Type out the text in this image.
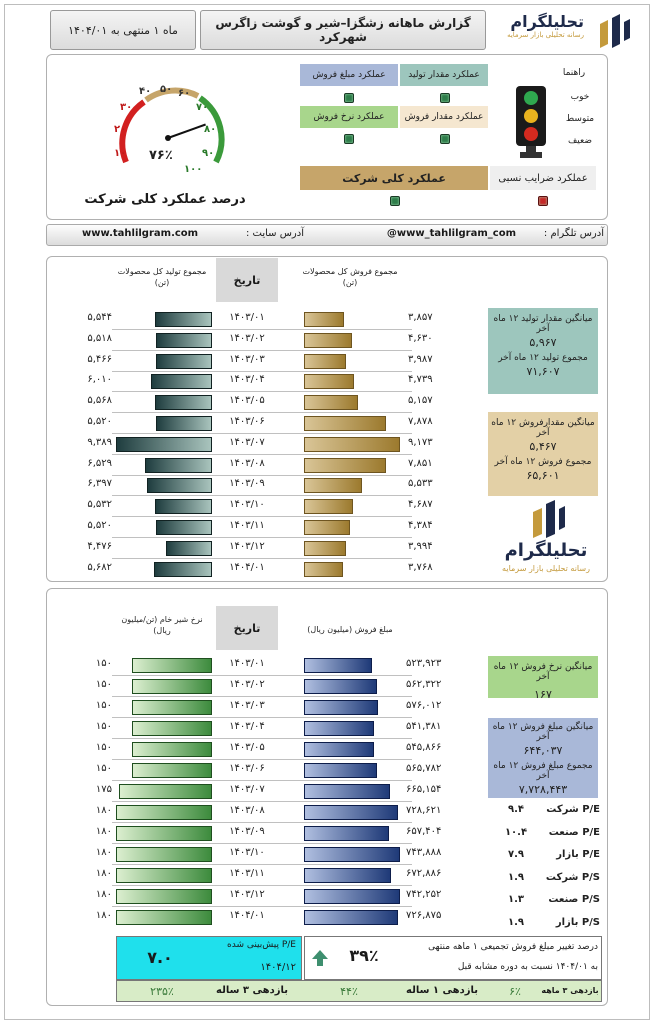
تحلیلگرام
رسانه تحلیلی بازار سرمایه
گزارش ماهانه زشگزا–شیر و گوشت زاگرس شهرکرد
ماه ۱ منتهی به ۱۴۰۴/۰۱
۷۶٪
۱۰
۲۰
۳۰
۴۰ ۵۰ ۶۰
۷۰
۸۰
۹۰
۱۰۰
درصد عملکرد کلی شرکت
عملکرد مقدار تولید
عملکرد مبلغ فروش
عملکرد مقدار فروش
عملکرد نرخ فروش
عملکرد کلی شرکت	عملکرد ضرایب نسبی
راهنما
خوب
متوسط
ضعیف
آدرس تلگرام :
@www_tahlilgram_com
آدرس سایت :
www.tahlilgram.com
مجموع فروش کل محصولات
(تن)
تاریخ
مجموع تولید کل محصولات
(تن)
۳,۸۵۷
۱۴۰۳/۰۱
۵,۵۴۴
۴,۶۳۰
۱۴۰۳/۰۲
۵,۵۱۸
۳,۹۸۷
۱۴۰۳/۰۳
۵,۴۶۶
۴,۷۳۹
۱۴۰۳/۰۴
۶,۰۱۰
۵,۱۵۷
۱۴۰۳/۰۵
۵,۵۶۸
۷,۸۷۸
۱۴۰۳/۰۶
۵,۵۲۰
۹,۱۷۳
۱۴۰۳/۰۷
۹,۳۸۹
۷,۸۵۱
۱۴۰۳/۰۸
۶,۵۲۹
۵,۵۳۳
۱۴۰۳/۰۹
۶,۳۹۷
۴,۶۸۷
۱۴۰۳/۱۰
۵,۵۳۲
۴,۳۸۴
۱۴۰۳/۱۱
۵,۵۲۰
۳,۹۹۴
۱۴۰۳/۱۲
۴,۴۷۶
۳,۷۶۸
۱۴۰۴/۰۱
۵,۶۸۲
میانگین مقدار تولید ۱۲ ماه آخر
۵,۹۶۷
مجموع تولید ۱۲ ماه آخر
۷۱,۶۰۷
میانگین مقدارفروش ۱۲ ماه آخر
۵,۴۶۷
مجموع فروش ۱۲ ماه آخر
۶۵,۶۰۱
تحلیلگرام
رسانه تحلیلی بازار سرمایه
مبلغ فروش (میلیون ریال)
تاریخ
نرخ شیر خام (تن/میلیون ریال)
۵۲۳,۹۲۳
۱۴۰۳/۰۱
۱۵۰
۵۶۲,۳۲۲
۱۴۰۳/۰۲
۱۵۰
۵۷۶,۰۱۲
۱۴۰۳/۰۳
۱۵۰
۵۴۱,۳۸۱
۱۴۰۳/۰۴
۱۵۰
۵۴۵,۸۶۶
۱۴۰۳/۰۵
۱۵۰
۵۶۵,۷۸۲
۱۴۰۳/۰۶
۱۵۰
۶۶۵,۱۵۴
۱۴۰۳/۰۷
۱۷۵
۷۲۸,۶۲۱
۱۴۰۳/۰۸
۱۸۰
۶۵۷,۴۰۴
۱۴۰۳/۰۹
۱۸۰
۷۴۳,۸۸۸
۱۴۰۳/۱۰
۱۸۰
۶۷۲,۸۸۶
۱۴۰۳/۱۱
۱۸۰
۷۴۲,۲۵۲
۱۴۰۳/۱۲
۱۸۰
۷۲۶,۸۷۵
۱۴۰۴/۰۱
۱۸۰
میانگین نرخ فروش ۱۲ ماه آخر
۱۶۷
میانگین مبلغ فروش ۱۲ ماه آخر
۶۴۴,۰۳۷
مجموع مبلغ فروش ۱۲ ماه آخر
۷,۷۲۸,۴۴۳
۹.۴	P/E شرکت
۱۰.۴	P/E صنعت
۷.۹	P/E بازار
۱.۹	P/S شرکت
۱.۳	P/S صنعت
۱.۹	P/S بازار
P/E پیش‌بینی شده
۱۴۰۴/۱۲
۷.۰	۳۹٪	درصد تغییر مبلغ فروش تجمیعی ۱ ماهه منتهی
به ۱۴۰۴/۰۱ نسبت به دوره مشابه قبل
۲۳۵٪	بازدهی ۳ ساله	۴۴٪	بازدهی ۱ ساله	۶٪	بازدهی ۳ ماهه
